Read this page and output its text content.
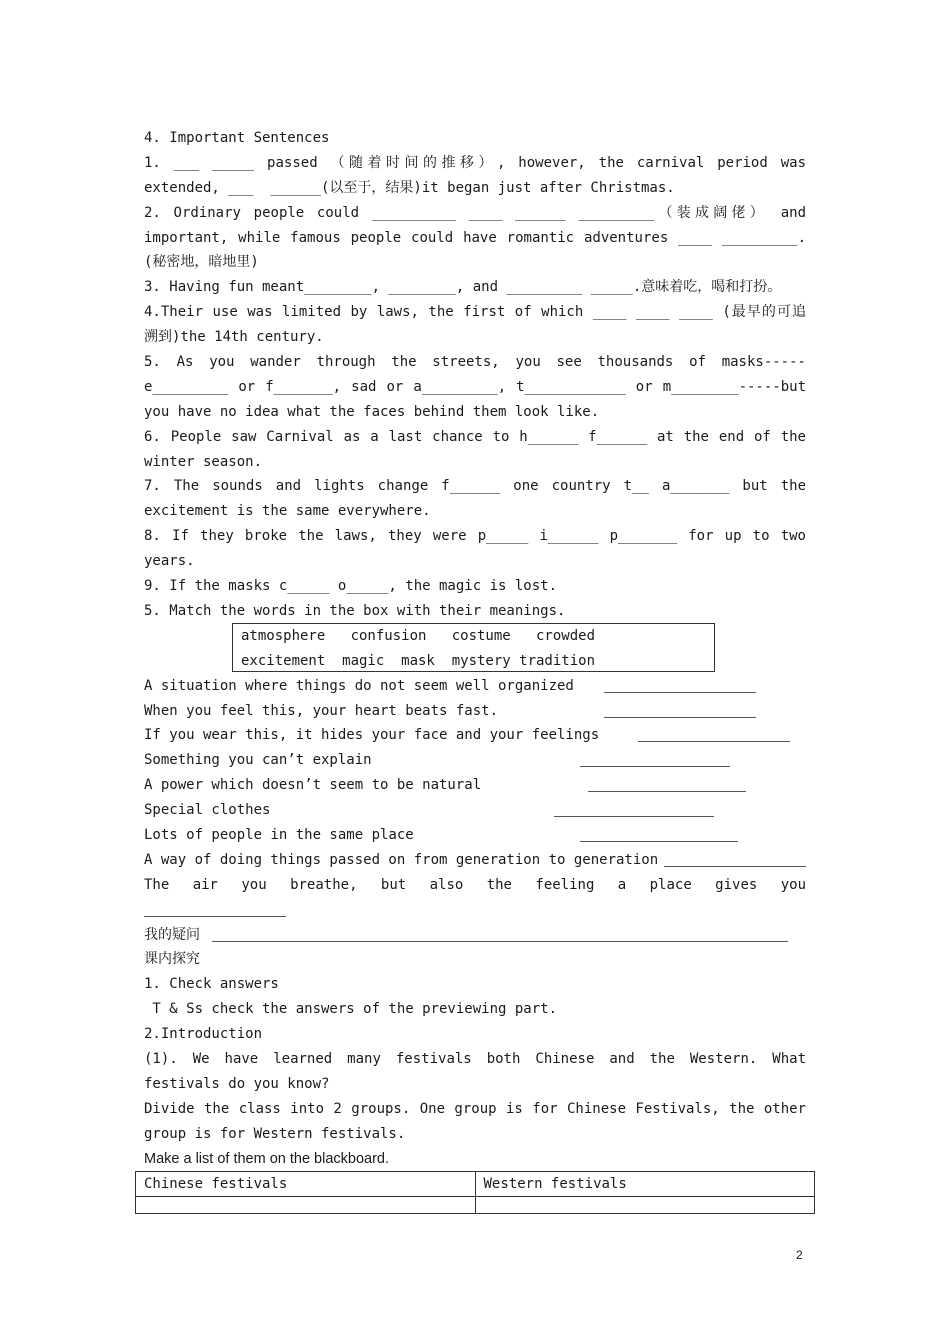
4. Important Sentences
1. ___ _____ passed （随着时间的推移）, however, the carnival period was
extended, ___  ______(以至于，结果)it began just after Christmas.
2. Ordinary people could __________ ____ ______ _________（装成阔佬） and
important, while famous people could have romantic adventures ____ _________.
(秘密地，暗地里)
3. Having fun meant________, ________, and _________ _____.意味着吃，喝和打扮。
4.Their use was limited by laws, the first of which ____ ____ ____ (最早的可追
溯到)the 14th century.
5. As you wander through the streets, you see thousands of masks-----
e_________ or f_______, sad or a_________, t____________ or m________-----but
you have no idea what the faces behind them look like.
6. People saw Carnival as a last chance to h______ f______ at the end of the
winter season.
7. The sounds and lights change f______ one country t__ a_______ but the
excitement is the same everywhere.
8. If they broke the laws, they were p_____ i______ p_______ for up to two
years.
9. If the masks c_____ o_____, the magic is lost.
5. Match the words in the box with their meanings.
A situation where things do not seem well organized
When you feel this, your heart beats fast.
If you wear this, it hides your face and your feelings
Something you can’t explain
A power which doesn’t seem to be natural
Special clothes
Lots of people in the same place
A way of doing things passed on from generation to generation
The air you breathe, but also the feeling a place gives you
我的疑问
课内探究
1. Check answers
T & Ss check the answers of the previewing part.
2.Introduction
(1). We have learned many festivals both Chinese and the Western. What
festivals do you know?
Divide the class into 2 groups. One group is for Chinese Festivals, the other
group is for Western festivals.
Make a list of them on the blackboard.
atmosphere   confusion   costume   crowded
excitement  magic  mask  mystery tradition
Chinese festivals	Western festivals

2
